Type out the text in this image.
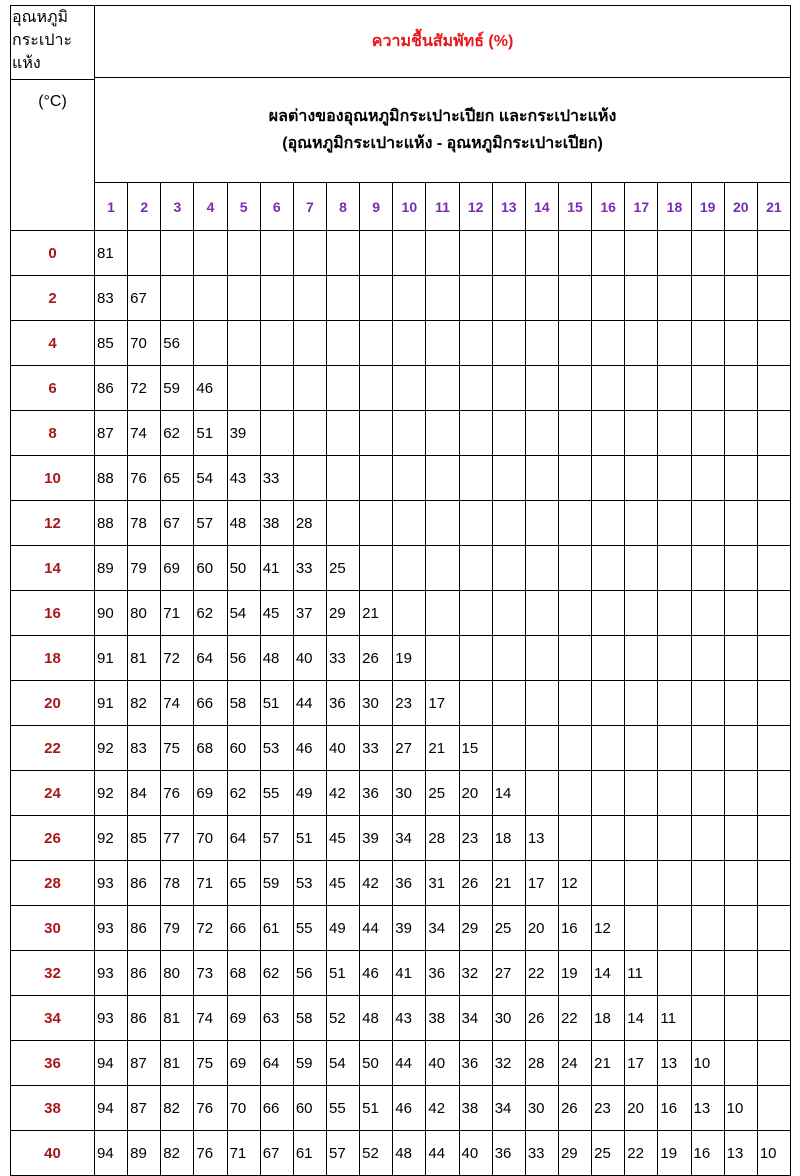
อุณหภูมิ
กระเปาะ
แห้ง
(°C)	ความชื้นสัมพัทธ์ (%)																				

	ผลต่างของอุณหภูมิกระเปาะเปียก และกระเปาะแห้ง
(อุณหภูมิกระเปาะแห้ง - อุณหภูมิกระเปาะเปียก)																				

	1	2	3	4	5	6	7	8	9	10	11	12	13	14	15	16	17	18	19	20	21
0	81																				
2	83	67																			
4	85	70	56																		
6	86	72	59	46																	
8	87	74	62	51	39																
10	88	76	65	54	43	33															
12	88	78	67	57	48	38	28														
14	89	79	69	60	50	41	33	25													
16	90	80	71	62	54	45	37	29	21												
18	91	81	72	64	56	48	40	33	26	19											
20	91	82	74	66	58	51	44	36	30	23	17										
22	92	83	75	68	60	53	46	40	33	27	21	15									
24	92	84	76	69	62	55	49	42	36	30	25	20	14								
26	92	85	77	70	64	57	51	45	39	34	28	23	18	13							
28	93	86	78	71	65	59	53	45	42	36	31	26	21	17	12						
30	93	86	79	72	66	61	55	49	44	39	34	29	25	20	16	12					
32	93	86	80	73	68	62	56	51	46	41	36	32	27	22	19	14	11				
34	93	86	81	74	69	63	58	52	48	43	38	34	30	26	22	18	14	11			
36	94	87	81	75	69	64	59	54	50	44	40	36	32	28	24	21	17	13	10		
38	94	87	82	76	70	66	60	55	51	46	42	38	34	30	26	23	20	16	13	10	
40	94	89	82	76	71	67	61	57	52	48	44	40	36	33	29	25	22	19	16	13	10
